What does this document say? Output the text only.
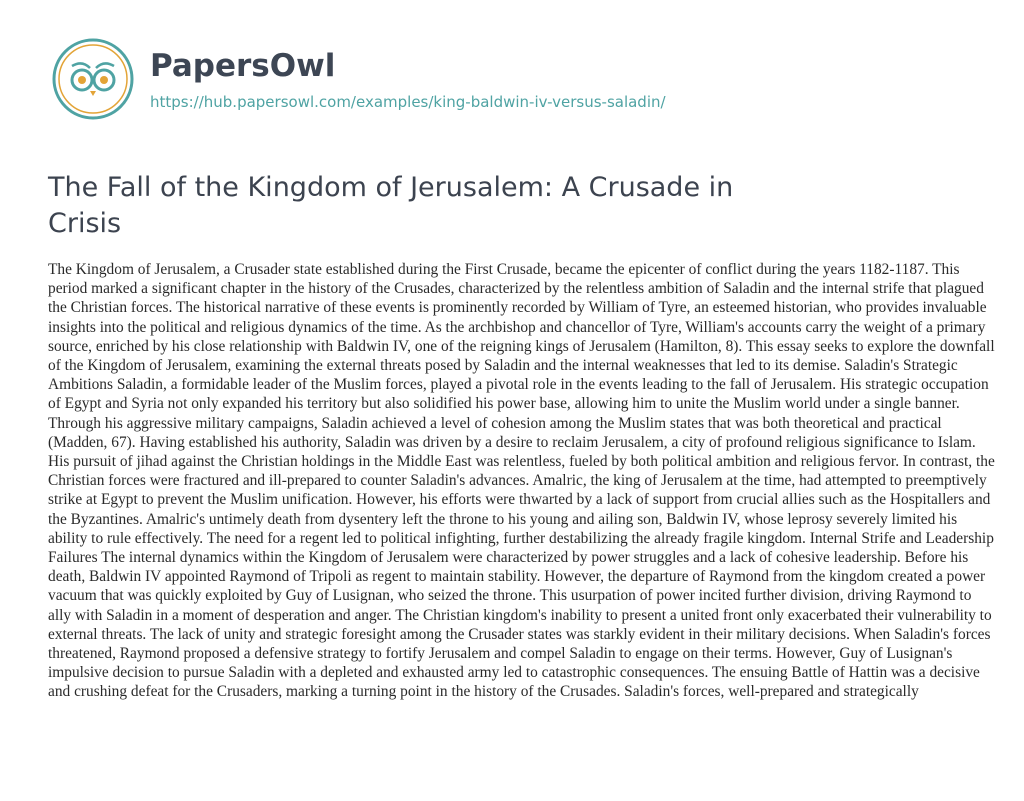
PapersOwl
https://hub.papersowl.com/examples/king-baldwin-iv-versus-saladin/
The Fall of the Kingdom of Jerusalem: A Crusade in Crisis

The Kingdom of Jerusalem, a Crusader state established during the First Crusade, became the epicenter of conflict during the years 1182-1187. This period marked a significant chapter in the history of the Crusades, characterized by the relentless ambition of Saladin and the internal strife that plagued the Christian forces. The historical narrative of these events is prominently recorded by William of Tyre, an esteemed historian, who provides invaluable insights into the political and religious dynamics of the time. As the archbishop and chancellor of Tyre, William's accounts carry the weight of a primary source, enriched by his close relationship with Baldwin IV, one of the reigning kings of Jerusalem (Hamilton, 8). This essay seeks to explore the downfall of the Kingdom of Jerusalem, examining the external threats posed by Saladin and the internal weaknesses that led to its demise. Saladin's Strategic Ambitions Saladin, a formidable leader of the Muslim forces, played a pivotal role in the events leading to the fall of Jerusalem. His strategic occupation of Egypt and Syria not only expanded his territory but also solidified his power base, allowing him to unite the Muslim world under a single banner. Through his aggressive military campaigns, Saladin achieved a level of cohesion among the Muslim states that was both theoretical and practical (Madden, 67). Having established his authority, Saladin was driven by a desire to reclaim Jerusalem, a city of profound religious significance to Islam. His pursuit of jihad against the Christian holdings in the Middle East was relentless, fueled by both political ambition and religious fervor. In contrast, the Christian forces were fractured and ill-prepared to counter Saladin's advances. Amalric, the king of Jerusalem at the time, had attempted to preemptively strike at Egypt to prevent the Muslim unification. However, his efforts were thwarted by a lack of support from crucial allies such as the Hospitallers and the Byzantines. Amalric's untimely death from dysentery left the throne to his young and ailing son, Baldwin IV, whose leprosy severely limited his ability to rule effectively. The need for a regent led to political infighting, further destabilizing the already fragile kingdom. Internal Strife and Leadership Failures The internal dynamics within the Kingdom of Jerusalem were characterized by power struggles and a lack of cohesive leadership. Before his death, Baldwin IV appointed Raymond of Tripoli as regent to maintain stability. However, the departure of Raymond from the kingdom created a power vacuum that was quickly exploited by Guy of Lusignan, who seized the throne. This usurpation of power incited further division, driving Raymond to ally with Saladin in a moment of desperation and anger. The Christian kingdom's inability to present a united front only exacerbated their vulnerability to external threats. The lack of unity and strategic foresight among the Crusader states was starkly evident in their military decisions. When Saladin's forces threatened, Raymond proposed a defensive strategy to fortify Jerusalem and compel Saladin to engage on their terms. However, Guy of Lusignan's impulsive decision to pursue Saladin with a depleted and exhausted army led to catastrophic consequences. The ensuing Battle of Hattin was a decisive and crushing defeat for the Crusaders, marking a turning point in the history of the Crusades. Saladin's forces, well-prepared and strategically
